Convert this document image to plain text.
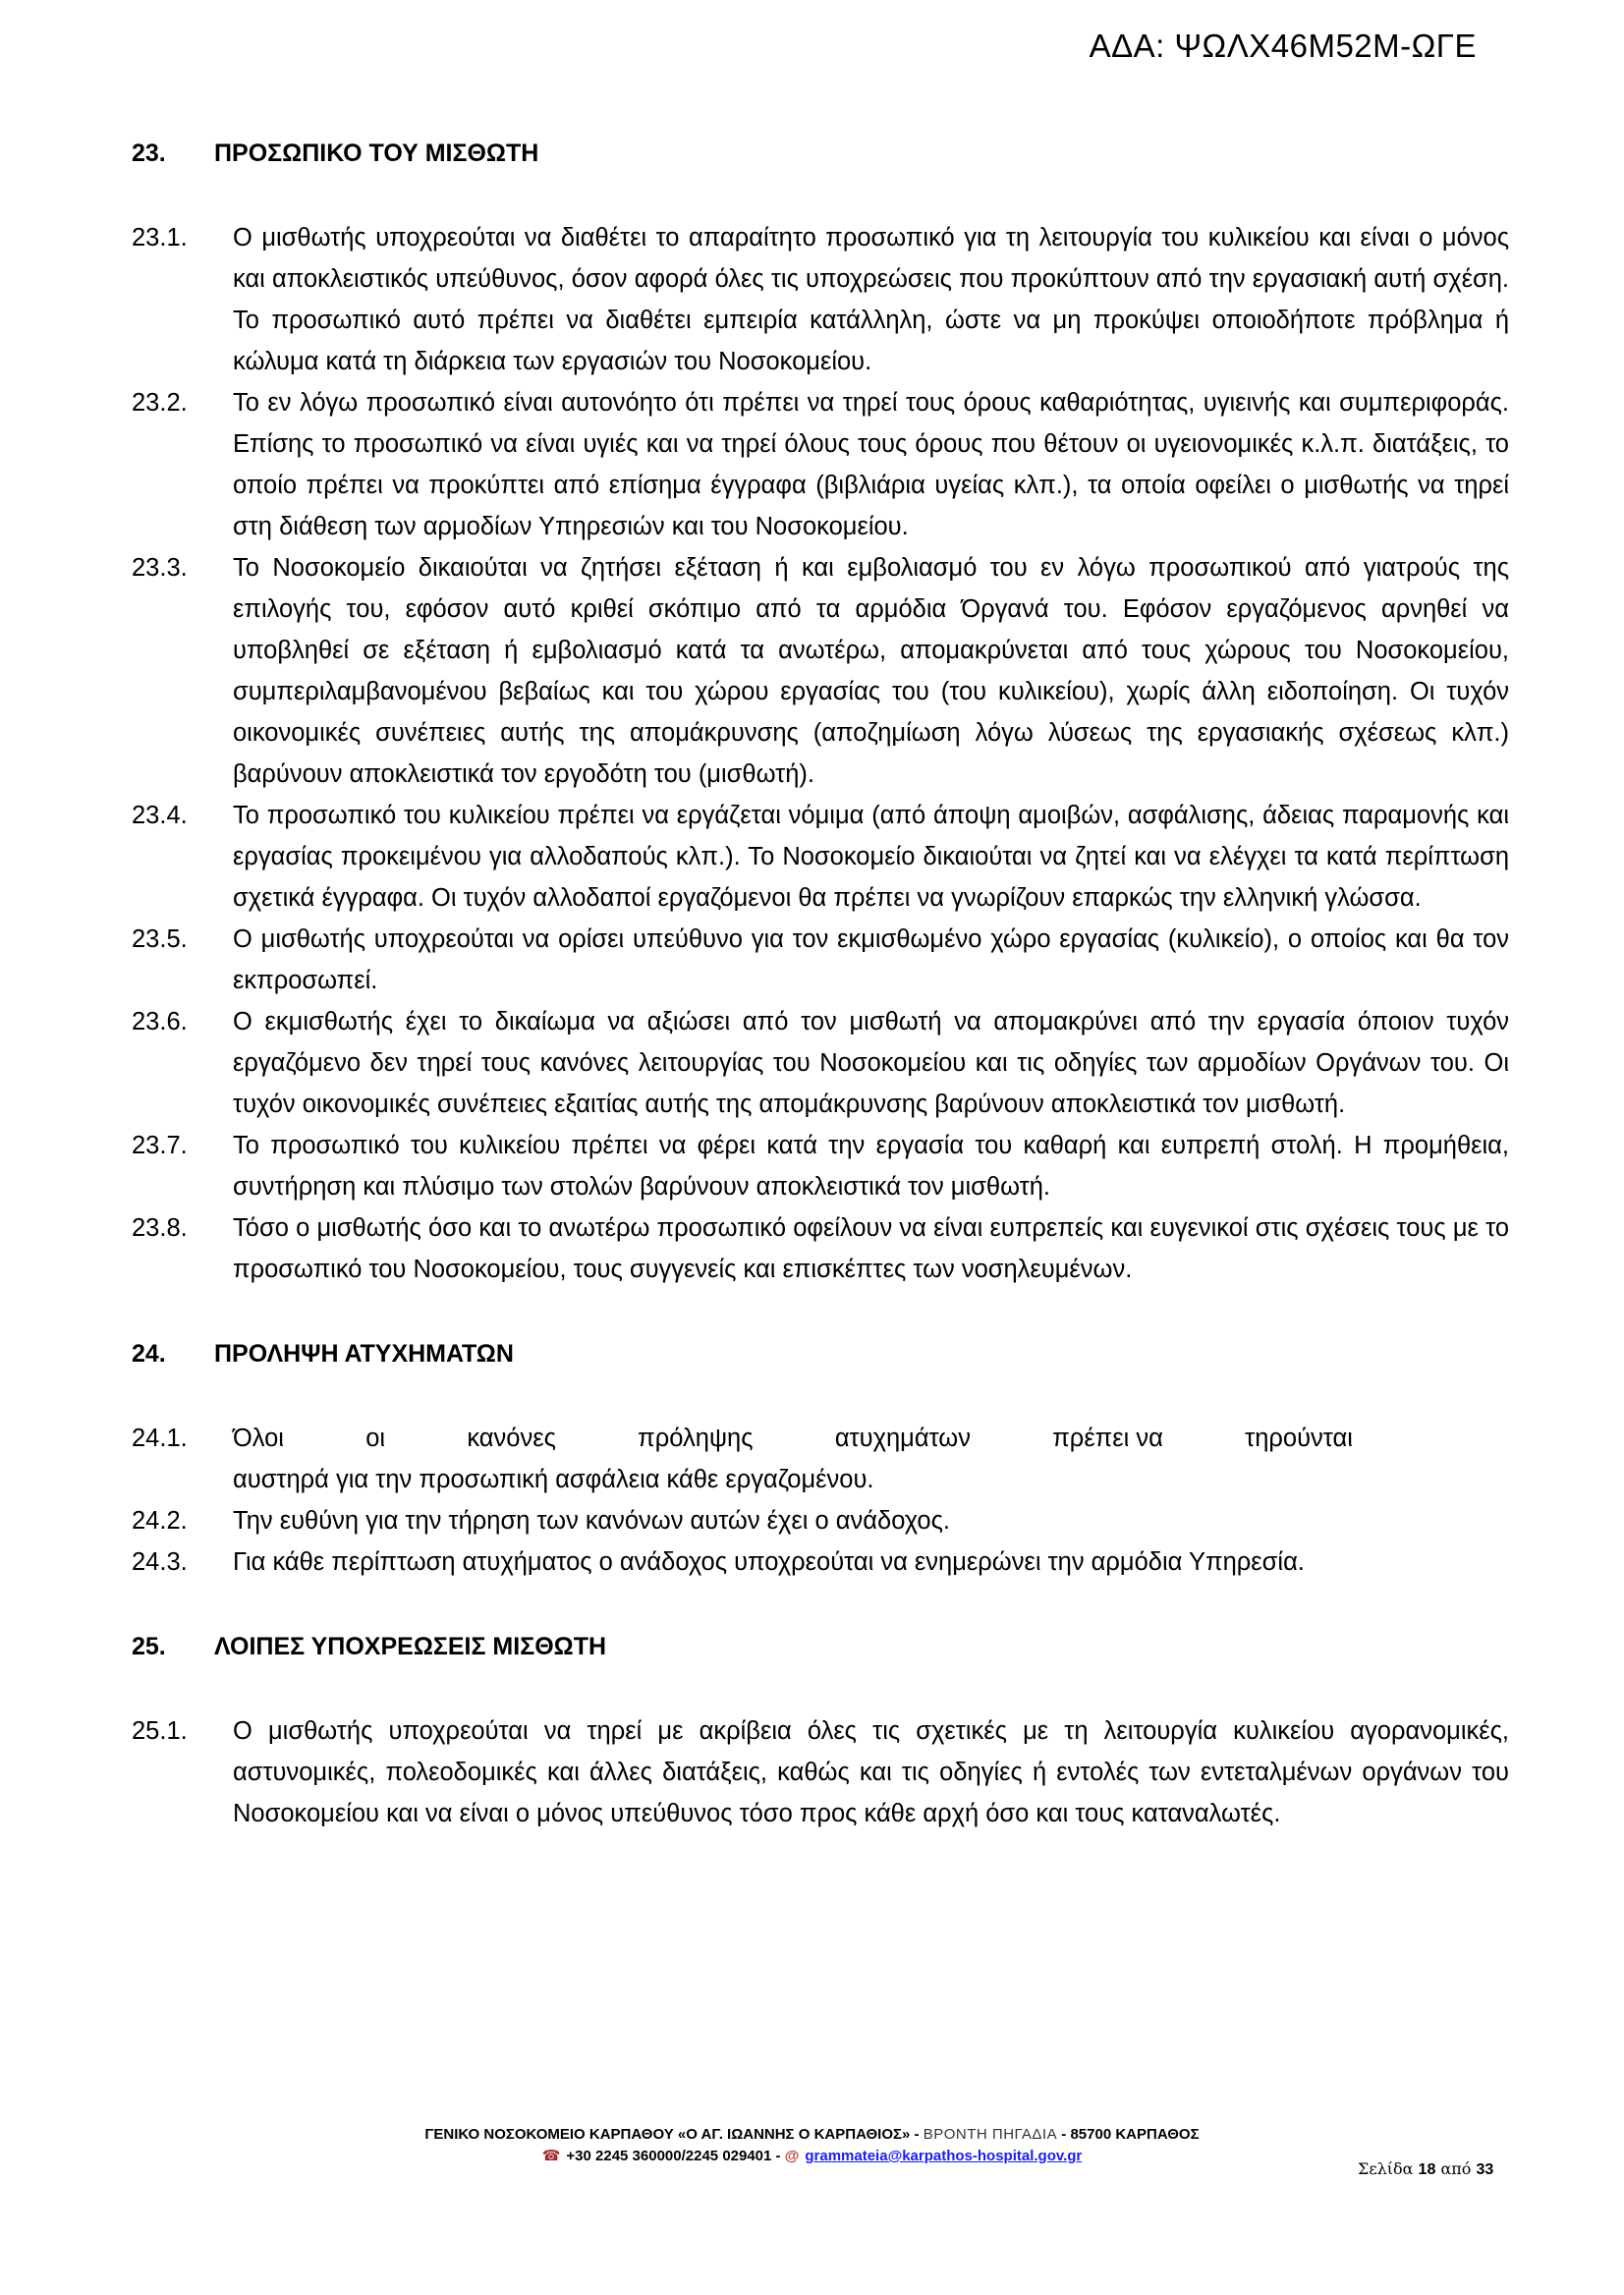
ΑΔΑ: ΨΩΛΧ46Μ52Μ-ΩΓΕ
23.	ΠΡΟΣΩΠΙΚΟ ΤΟΥ ΜΙΣΘΩΤΗ
23.1.	Ο μισθωτής υποχρεούται να διαθέτει το απαραίτητο προσωπικό για τη λειτουργία του κυλικείου και είναι ο μόνος και αποκλειστικός υπεύθυνος, όσον αφορά όλες τις υποχρεώσεις που προκύπτουν από την εργασιακή αυτή σχέση. Το προσωπικό αυτό πρέπει να διαθέτει εμπειρία κατάλληλη, ώστε να μη προκύψει οποιοδήποτε πρόβλημα ή κώλυμα κατά τη διάρκεια των εργασιών του Νοσοκομείου.
23.2.	Το εν λόγω προσωπικό είναι αυτονόητο ότι πρέπει να τηρεί τους όρους καθαριότητας, υγιεινής και συμπεριφοράς. Επίσης το προσωπικό να είναι υγιές και να τηρεί όλους τους όρους που θέτουν οι υγειονομικές κ.λ.π. διατάξεις, το οποίο πρέπει να προκύπτει από επίσημα έγγραφα (βιβλιάρια υγείας κλπ.), τα οποία οφείλει ο μισθωτής να τηρεί στη διάθεση των αρμοδίων Υπηρεσιών και του Νοσοκομείου.
23.3.	Το Νοσοκομείο δικαιούται να ζητήσει εξέταση ή και εμβολιασμό του εν λόγω προσωπικού από γιατρούς της επιλογής του, εφόσον αυτό κριθεί σκόπιμο από τα αρμόδια Όργανά του. Εφόσον εργαζόμενος αρνηθεί να υποβληθεί σε εξέταση ή εμβολιασμό κατά τα ανωτέρω, απομακρύνεται από τους χώρους του Νοσοκομείου, συμπεριλαμβανομένου βεβαίως και του χώρου εργασίας του (του κυλικείου), χωρίς άλλη ειδοποίηση. Οι τυχόν οικονομικές συνέπειες αυτής της απομάκρυνσης (αποζημίωση λόγω λύσεως της εργασιακής σχέσεως κλπ.) βαρύνουν αποκλειστικά τον εργοδότη του (μισθωτή).
23.4.	Το προσωπικό του κυλικείου πρέπει να εργάζεται νόμιμα (από άποψη αμοιβών, ασφάλισης, άδειας παραμονής και εργασίας προκειμένου για αλλοδαπούς κλπ.). Το Νοσοκομείο δικαιούται να ζητεί και να ελέγχει τα κατά περίπτωση σχετικά έγγραφα. Οι τυχόν αλλοδαποί εργαζόμενοι θα πρέπει να γνωρίζουν επαρκώς την ελληνική γλώσσα.
23.5.	Ο μισθωτής υποχρεούται να ορίσει υπεύθυνο για τον εκμισθωμένο χώρο εργασίας (κυλικείο), ο οποίος και θα τον εκπροσωπεί.
23.6.	Ο εκμισθωτής έχει το δικαίωμα να αξιώσει από τον μισθωτή να απομακρύνει από την εργασία όποιον τυχόν εργαζόμενο δεν τηρεί τους κανόνες λειτουργίας του Νοσοκομείου και τις οδηγίες των αρμοδίων Οργάνων του. Οι τυχόν οικονομικές συνέπειες εξαιτίας αυτής της απομάκρυνσης βαρύνουν αποκλειστικά τον μισθωτή.
23.7.	Το προσωπικό του κυλικείου πρέπει να φέρει κατά την εργασία του καθαρή και ευπρεπή στολή. Η προμήθεια, συντήρηση και πλύσιμο των στολών βαρύνουν αποκλειστικά τον μισθωτή.
23.8.	Τόσο ο μισθωτής όσο και το ανωτέρω προσωπικό οφείλουν να είναι ευπρεπείς και ευγενικοί στις σχέσεις τους με το προσωπικό του Νοσοκομείου, τους συγγενείς και επισκέπτες των νοσηλευμένων.
24.	ΠΡΟΛΗΨΗ ΑΤΥΧΗΜΑΤΩΝ
24.1.	Όλοι	οι	κανόνες	πρόληψης	ατυχημάτων	πρέπει να	τηρούνται
αυστηρά για την προσωπική ασφάλεια κάθε εργαζομένου.
24.2.	Την ευθύνη για την τήρηση των κανόνων αυτών έχει ο ανάδοχος.
24.3.	Για κάθε περίπτωση ατυχήματος ο ανάδοχος υποχρεούται να ενημερώνει την αρμόδια Υπηρεσία.
25.	ΛΟΙΠΕΣ ΥΠΟΧΡΕΩΣΕΙΣ ΜΙΣΘΩΤΗ
25.1.	Ο μισθωτής υποχρεούται να τηρεί με ακρίβεια όλες τις σχετικές με τη λειτουργία κυλικείου αγορανομικές, αστυνομικές, πολεοδομικές και άλλες διατάξεις, καθώς και τις οδηγίες ή εντολές των εντεταλμένων οργάνων του Νοσοκομείου και να είναι ο μόνος υπεύθυνος τόσο προς κάθε αρχή όσο και τους καταναλωτές.
ΓΕΝΙΚΟ ΝΟΣΟΚΟΜΕΙΟ ΚΑΡΠΑΘΟΥ «Ο ΑΓ. ΙΩΑΝΝΗΣ Ο ΚΑΡΠΑΘΙΟΣ» - ΒΡΟΝΤΗ ΠΗΓΑΔΙΑ - 85700 ΚΑΡΠΑΘΟΣ
☎ +30 2245 360000/2245 029401 - @ grammateia@karpathos-hospital.gov.gr
Σελίδα 18 από 33
